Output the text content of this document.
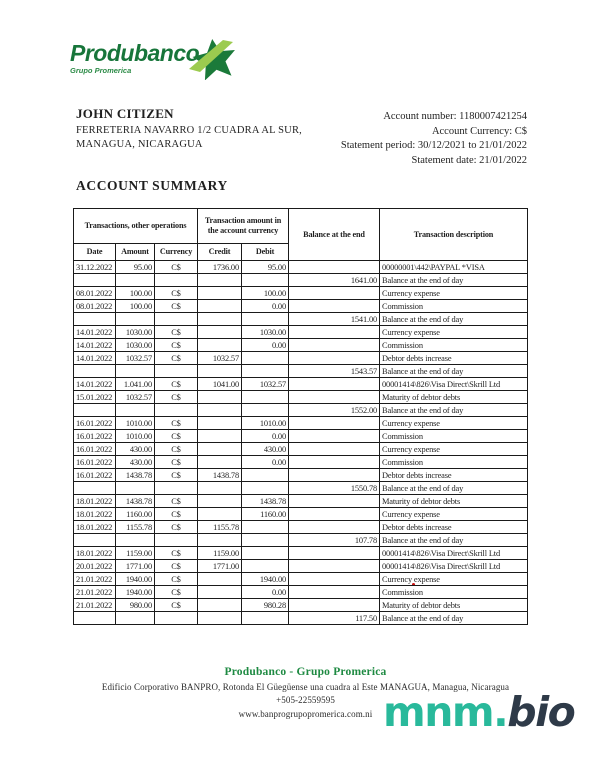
Produbanco
Grupo Promerica
JOHN CITIZEN
FERRETERIA NAVARRO 1/2 CUADRA AL SUR,
MANAGUA, NICARAGUA
Account number: 1180007421254
Account Currency: C$
Statement period: 30/12/2021 to 21/01/2022
Statement date: 21/01/2022
ACCOUNT SUMMARY
Transactions, other operations			Transaction amount in the account currency		Balance at the end	Transaction description
Date	Amount	Currency	Credit	Debit		
31.12.2022	95.00	C$	1736.00	95.00		00000001\442\PAYPAL *VISA
					1641.00	Balance at the end of day
08.01.2022	100.00	C$		100.00		Currency expense
08.01.2022	100.00	C$		0.00		Commission
					1541.00	Balance at the end of day
14.01.2022	1030.00	C$		1030.00		Currency expense
14.01.2022	1030.00	C$		0.00		Commission
14.01.2022	1032.57	C$	1032.57			Debtor debts increase
					1543.57	Balance at the end of day
14.01.2022	1.041.00	C$	1041.00	1032.57		00001414\826\Visa Direct\Skrill Ltd
15.01.2022	1032.57	C$				Maturity of debtor debts
					1552.00	Balance at the end of day
16.01.2022	1010.00	C$		1010.00		Currency expense
16.01.2022	1010.00	C$		0.00		Commission
16.01.2022	430.00	C$		430.00		Currency expense
16.01.2022	430.00	C$		0.00		Commission
16.01.2022	1438.78	C$	1438.78			Debtor debts increase
					1550.78	Balance at the end of day
18.01.2022	1438.78	C$		1438.78		Maturity of debtor debts
18.01.2022	1160.00	C$		1160.00		Currency expense
18.01.2022	1155.78	C$	1155.78			Debtor debts increase
					107.78	Balance at the end of day
18.01.2022	1159.00	C$	1159.00			00001414\826\Visa Direct\Skrill Ltd
20.01.2022	1771.00	C$	1771.00			00001414\826\Visa Direct\Skrill Ltd
21.01.2022	1940.00	C$		1940.00		Currency expense

21.01.2022	1940.00	C$		0.00		Commission
21.01.2022	980.00	C$		980.28		Maturity of debtor debts
					117.50	Balance at the end of day
Produbanco - Grupo Promerica
Edificio Corporativo BANPRO, Rotonda El Güegüense una cuadra al Este MANAGUA, Managua, Nicaragua
+505-22559595
www.banprogrupopromerica.com.ni mnm.bio
